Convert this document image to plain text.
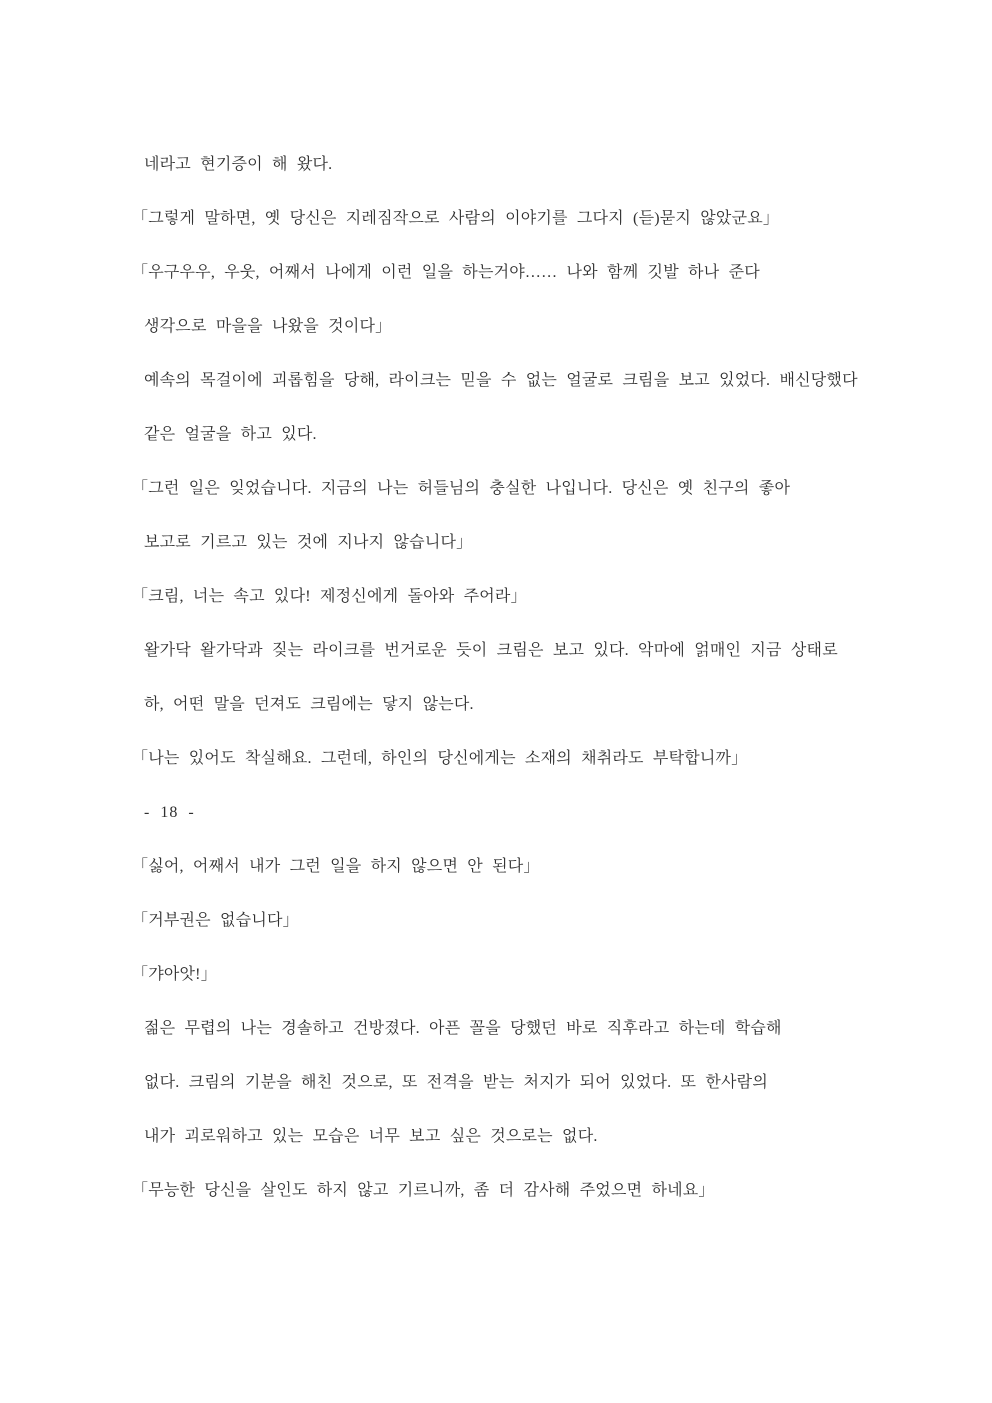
네라고 현기증이 해 왔다.

「그렇게 말하면, 옛 당신은 지레짐작으로 사람의 이야기를 그다지 (듣)묻지 않았군요」

「우구우우, 우웃, 어째서 나에게 이런 일을 하는거야…… 나와 함께 깃발 하나 준다

생각으로 마을을 나왔을 것이다」

예속의 목걸이에 괴롭힘을 당해, 라이크는 믿을 수 없는 얼굴로 크림을 보고 있었다. 배신당했다

같은 얼굴을 하고 있다.

「그런 일은 잊었습니다. 지금의 나는 허들님의 충실한 나입니다. 당신은 옛 친구의 좋아

보고로 기르고 있는 것에 지나지 않습니다」

「크림, 너는 속고 있다! 제정신에게 돌아와 주어라」

왈가닥 왈가닥과 짖는 라이크를 번거로운 듯이 크림은 보고 있다. 악마에 얽매인 지금 상태로

하, 어떤 말을 던져도 크림에는 닿지 않는다.

「나는 있어도 착실해요. 그런데, 하인의 당신에게는 소재의 채취라도 부탁합니까」

- 18 -

「싫어, 어째서 내가 그런 일을 하지 않으면 안 된다」

「거부권은 없습니다」

「갸아앗!」

젊은 무렵의 나는 경솔하고 건방졌다. 아픈 꼴을 당했던 바로 직후라고 하는데 학습해

없다. 크림의 기분을 해친 것으로, 또 전격을 받는 처지가 되어 있었다. 또 한사람의

내가 괴로워하고 있는 모습은 너무 보고 싶은 것으로는 없다.

「무능한 당신을 살인도 하지 않고 기르니까, 좀 더 감사해 주었으면 하네요」
